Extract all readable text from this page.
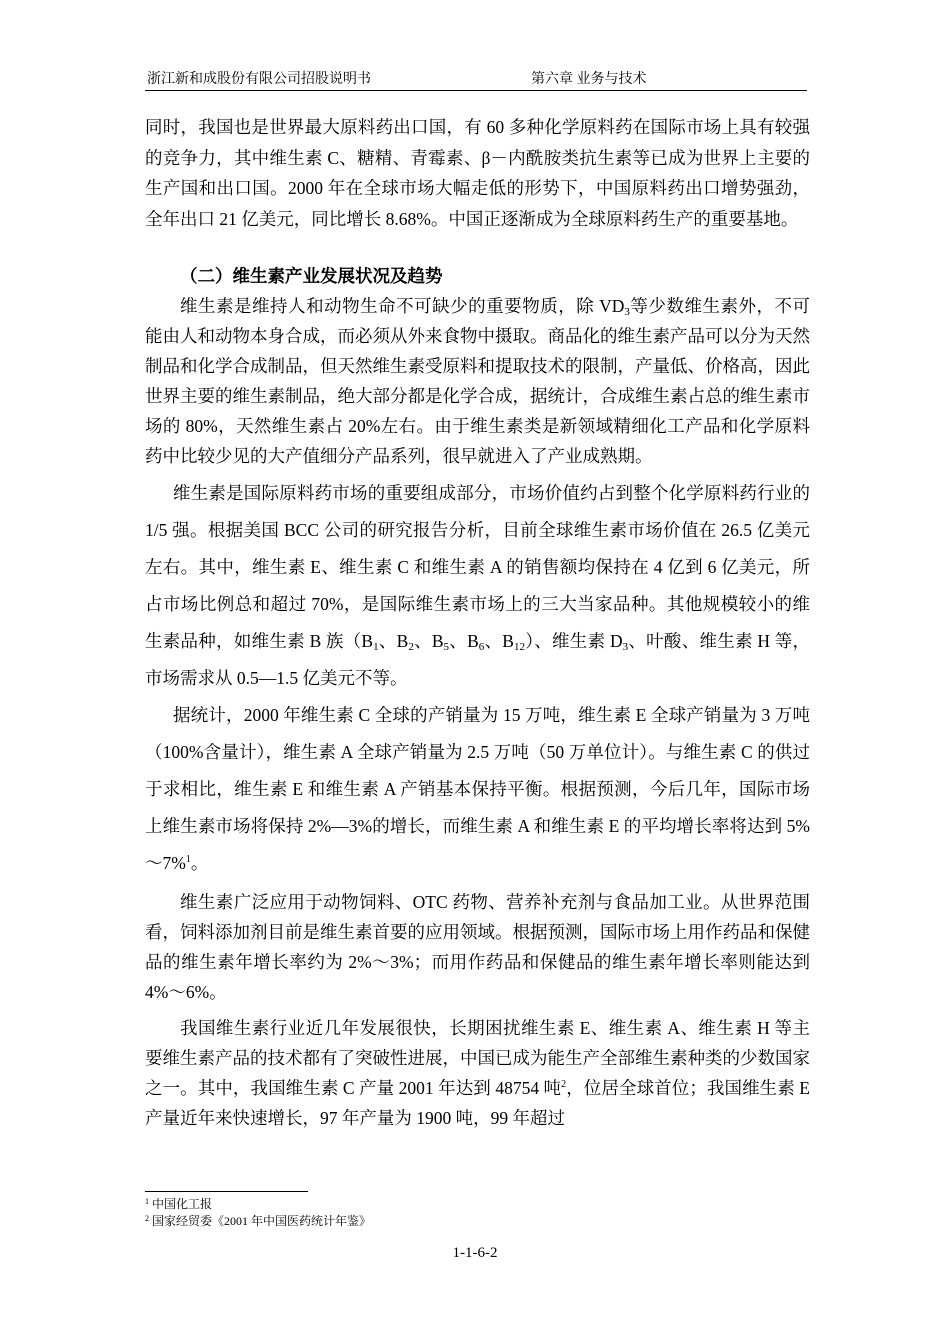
浙江新和成股份有限公司招股说明书	第六章 业务与技术

同时，我国也是世界最大原料药出口国，有 60 多种化学原料药在国际市场上具有较强的竞争力，其中维生素 C、糖精、青霉素、β－内酰胺类抗生素等已成为世界上主要的生产国和出口国。2000 年在全球市场大幅走低的形势下，中国原料药出口增势强劲，全年出口 21 亿美元，同比增长 8.68%。中国正逐渐成为全球原料药生产的重要基地。

（二）维生素产业发展状况及趋势

维生素是维持人和动物生命不可缺少的重要物质，除 $VD_3$等少数维生素外，不可能由人和动物本身合成，而必须从外来食物中摄取。商品化的维生素产品可以分为天然制品和化学合成制品，但天然维生素受原料和提取技术的限制，产量低、价格高，因此世界主要的维生素制品，绝大部分都是化学合成，据统计，合成维生素占总的维生素市场的 80%，天然维生素占 20%左右。由于维生素类是新领域精细化工产品和化学原料药中比较少见的大产值细分产品系列，很早就进入了产业成熟期。

维生素是国际原料药市场的重要组成部分，市场价值约占到整个化学原料药行业的 1/5 强。根据美国 BCC 公司的研究报告分析，目前全球维生素市场价值在 26.5 亿美元左右。其中，维生素 E、维生素 C 和维生素 A 的销售额均保持在 4 亿到 6 亿美元，所占市场比例总和超过 70%，是国际维生素市场上的三大当家品种。其他规模较小的维生素品种，如维生素 B 族（$B_1$、$B_2$、$B_5$、$B_6$、$B_{12}$）、维生素 $D_3$、叶酸、维生素 H 等，市场需求从 0.5—1.5 亿美元不等。

据统计，2000 年维生素 C 全球的产销量为 15 万吨，维生素 E 全球产销量为 3 万吨（100%含量计），维生素 A 全球产销量为 2.5 万吨（50 万单位计）。与维生素 C 的供过于求相比，维生素 E 和维生素 A 产销基本保持平衡。根据预测，今后几年，国际市场上维生素市场将保持 2%—3%的增长，而维生素 A 和维生素 E 的平均增长率将达到 5%～7%$^1$。

维生素广泛应用于动物饲料、OTC 药物、营养补充剂与食品加工业。从世界范围看，饲料添加剂目前是维生素首要的应用领域。根据预测，国际市场上用作药品和保健品的维生素年增长率约为 2%～3%；而用作药品和保健品的维生素年增长率则能达到 4%～6%。

我国维生素行业近几年发展很快，长期困扰维生素 E、维生素 A、维生素 H 等主要维生素产品的技术都有了突破性进展，中国已成为能生产全部维生素种类的少数国家之一。其中，我国维生素 C 产量 2001 年达到 48754 吨$^2$，位居全球首位；我国维生素 E 产量近年来快速增长，97 年产量为 1900 吨，99 年超过

$^1$ 中国化工报
$^2$ 国家经贸委《2001 年中国医药统计年鉴》
1-1-6-2
